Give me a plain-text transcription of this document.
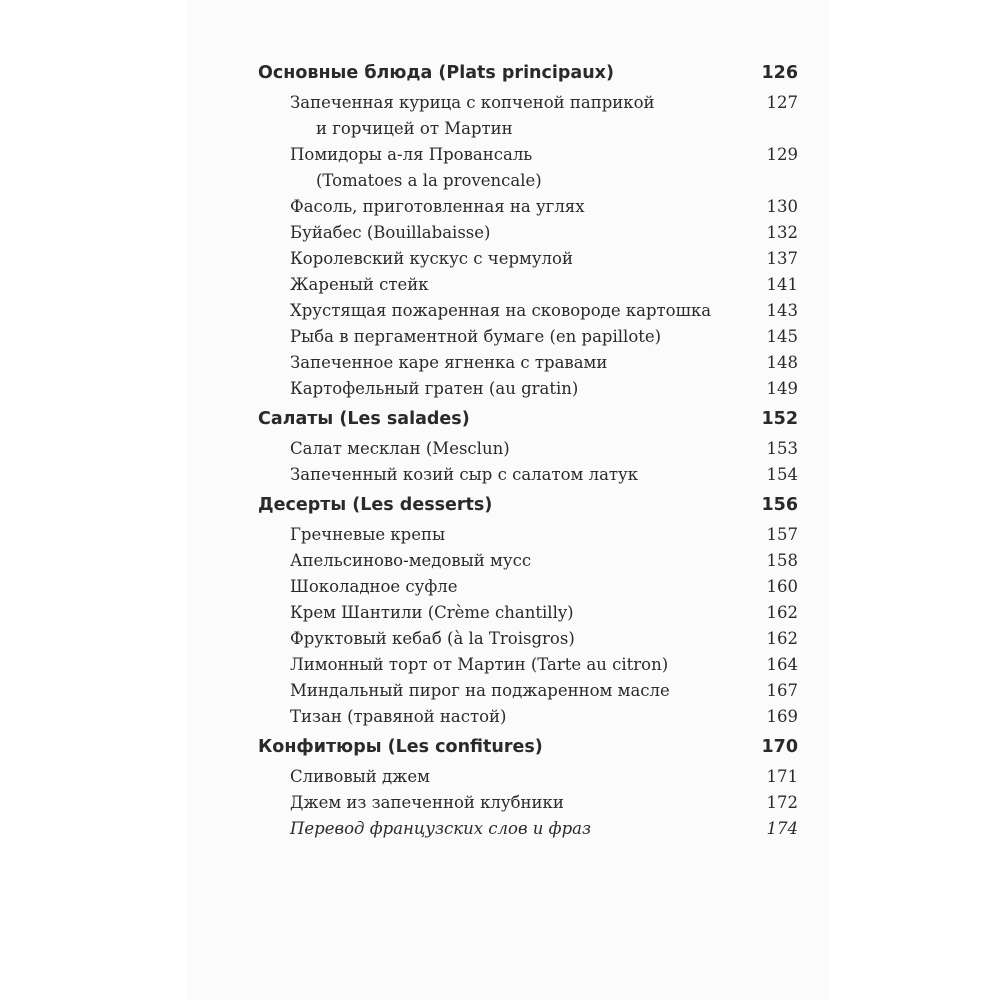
Основные блюда (Plats principaux)	126
Запеченная курица с копченой паприкой
и горчицей от Мартин
127
Помидоры а-ля Провансаль
(Tomatoes a la provencale)
129
Фасоль, приготовленная на углях	130
Буйабес (Bouillabaisse)	132
Королевский кускус с чермулой	137
Жареный стейк	141
Хрустящая пожаренная на сковороде картошка	143
Рыба в пергаментной бумаге (en papillote)	145
Запеченное каре ягненка с травами	148
Картофельный гратен (au gratin)	149
Салаты (Les salades)	152
Салат месклан (Mesclun)	153
Запеченный козий сыр с салатом латук	154
Десерты (Les desserts)	156
Гречневые крепы	157
Апельсиново-медовый мусс	158
Шоколадное суфле	160
Крем Шантили (Crème chantilly)	162
Фруктовый кебаб (à la Troisgros)	162
Лимонный торт от Мартин (Tarte au citron)	164
Миндальный пирог на поджаренном масле	167
Тизан (травяной настой)	169
Конфитюры (Les confitures)	170
Сливовый джем	171
Джем из запеченной клубники	172
Перевод французских слов и фраз	174
